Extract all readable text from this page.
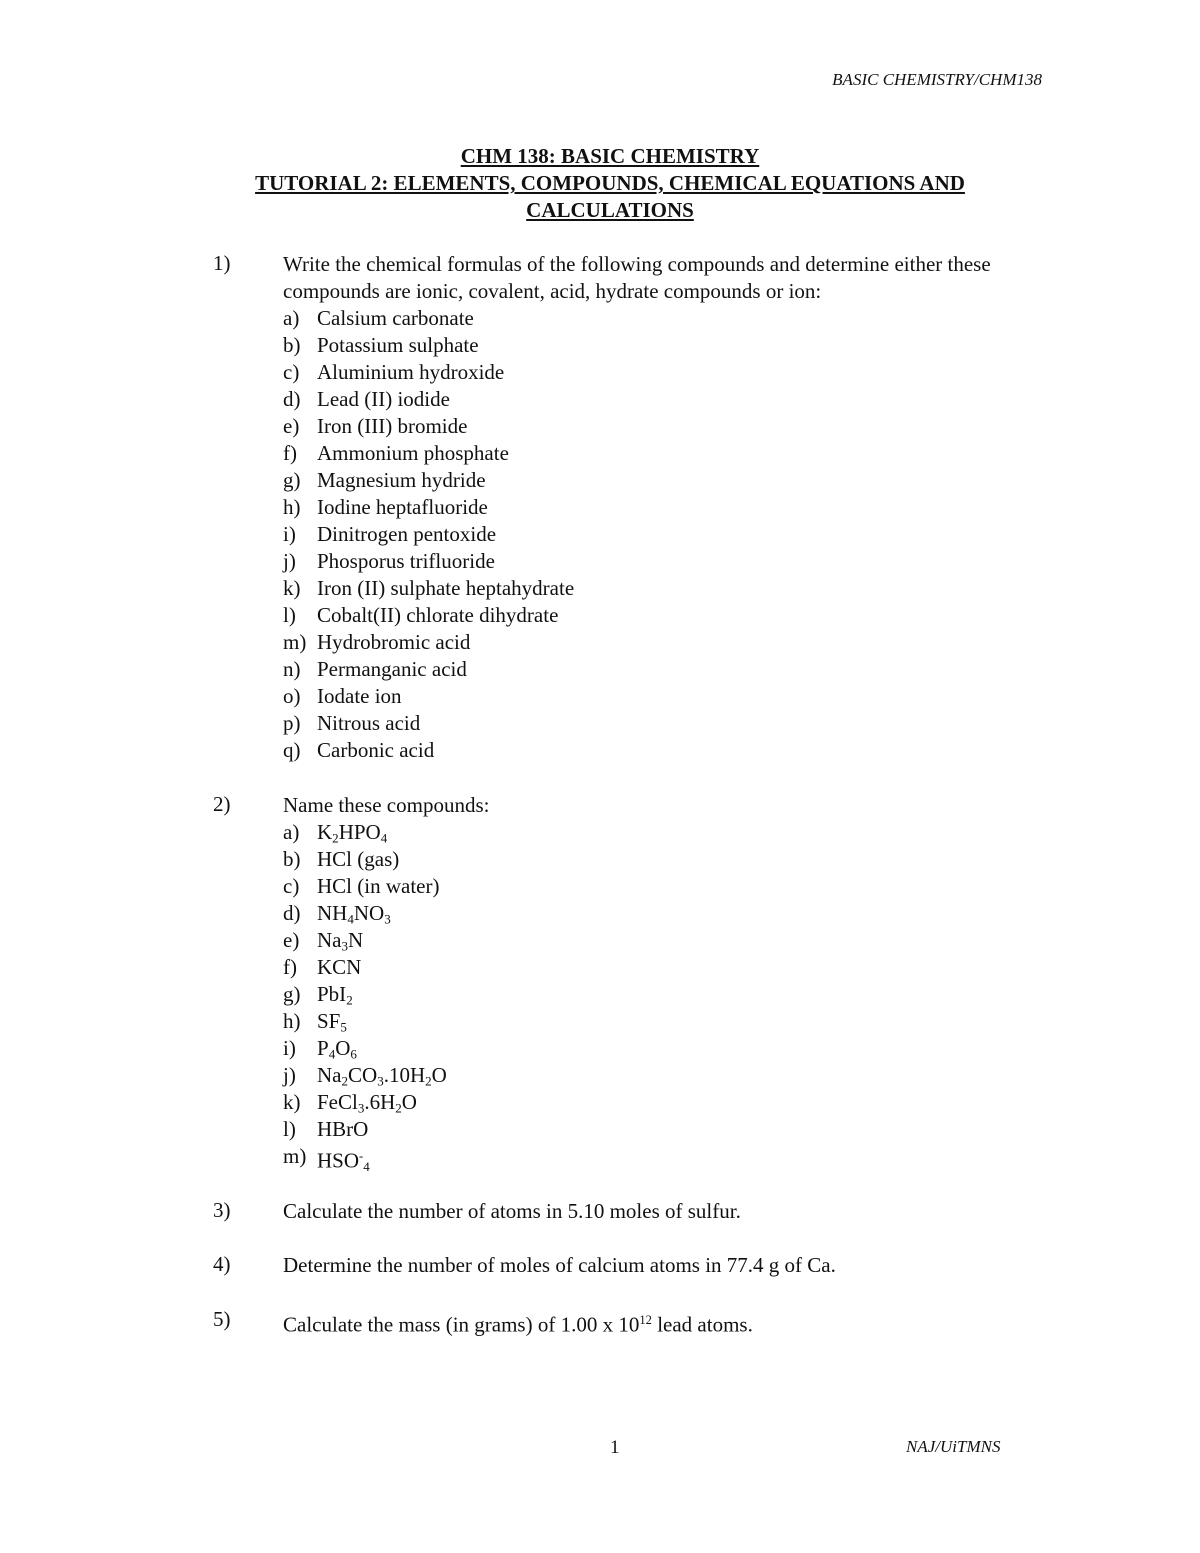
BASIC CHEMISTRY/CHM138
CHM 138: BASIC CHEMISTRY
TUTORIAL 2: ELEMENTS, COMPOUNDS, CHEMICAL EQUATIONS AND
CALCULATIONS
1)	Write the chemical formulas of the following compounds and determine either these compounds are ionic, covalent, acid, hydrate compounds or ion:
a) Calsium carbonate
b) Potassium sulphate
c) Aluminium hydroxide
d) Lead (II) iodide
e) Iron (III) bromide
f) Ammonium phosphate
g) Magnesium hydride
h) Iodine heptafluoride
i) Dinitrogen pentoxide
j) Phosporus trifluoride
k) Iron (II) sulphate heptahydrate
l) Cobalt(II) chlorate dihydrate
m) Hydrobromic acid
n) Permanganic acid
o) Iodate ion
p) Nitrous acid
q) Carbonic acid
2)	Name these compounds:
a) $K_2HPO_4$
b) HCl (gas)
c) HCl (in water)
d) $NH_4NO_3$
e) $Na_3N$
f) KCN
g) PbI$_2$
h) $SF_5$
i) $P_4O_6$
j) $Na_2CO_3.10H_2O$
k) $FeCl_3.6H_2O$
l) HBrO
m) $HSO^-_4$
3)	Calculate the number of atoms in 5.10 moles of sulfur.
4)	Determine the number of moles of calcium atoms in 77.4 g of Ca.
5)	Calculate the mass (in grams) of 1.00 x $10^{12}$ lead atoms.
1	NAJ/UiTMNS
